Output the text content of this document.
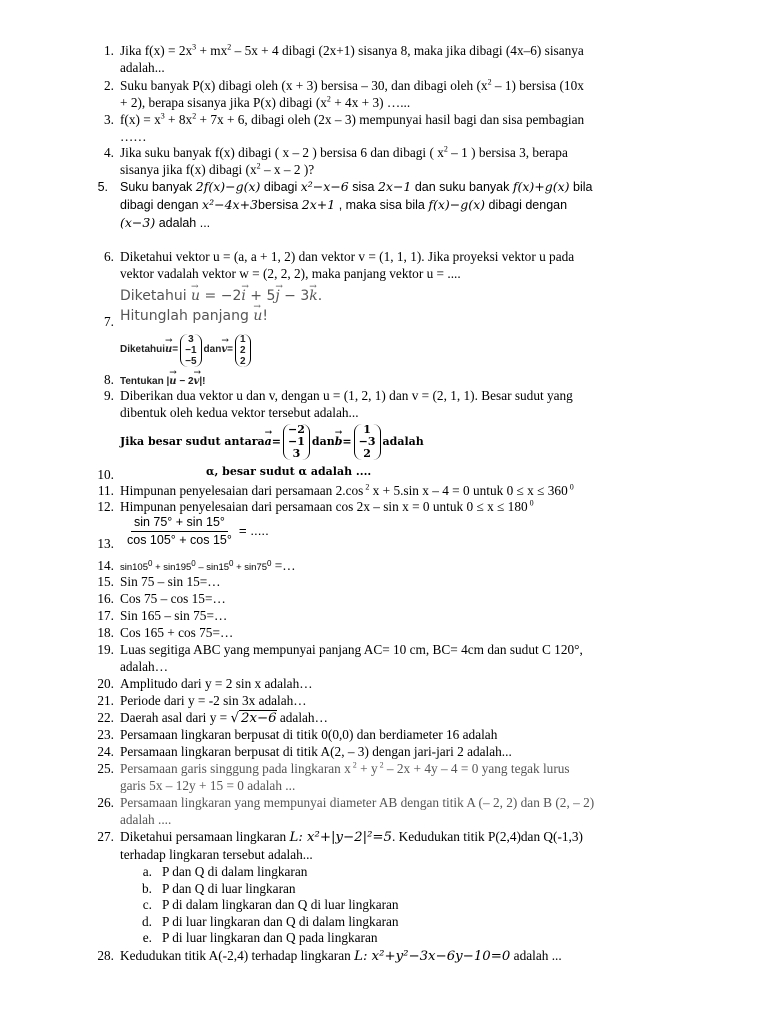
1. Jika $f(x) = 2x^3 + mx^2 - 5x + 4$ dibagi (2x+1) sisanya 8, maka jika dibagi (4x–6) sisanya
adalah...
2. Suku banyak P(x) dibagi oleh (x + 3) bersisa – 30, dan dibagi oleh $(x^2 - 1)$ bersisa (10x
+ 2), berapa sisanya jika P(x) dibagi $(x^2 + 4x + 3)$ …...
3. $f(x) = x^3 + 8x^2 + 7x + 6$, dibagi oleh (2x – 3) mempunyai hasil bagi dan sisa pembagian
……
4. Jika suku banyak f(x) dibagi ( x – 2 ) bersisa 6 dan dibagi ( $x^2 - 1$ ) bersisa 3, berapa
sisanya jika f(x) dibagi ($x^2$ – x – 2 )?
5. Suku banyak 2f(x)−g(x) dibagi x²−x−6 sisa 2x−1 dan suku banyak f(x)+g(x) bila
dibagi dengan x²−4x+3bersisa 2x+1 , maka sisa bila f(x)−g(x) dibagi dengan
(x−3) adalah ...
6. Diketahui vektor u = (a, a + 1, 2) dan vektor v = (1, 1, 1). Jika proyeksi vektor u pada
vektor vadalah vektor w = (2, 2, 2), maka panjang vektor u = ....
Diketahui → u = −2→ i + 5→ j − 3→ k.
Hitunglah panjang → u!
7.
Diketahui → u =
3
−1
−5
dan → v =
1
2
2
Tentukan |→ u − 2→ v|!
8.
9. Diberikan dua vektor u dan v, dengan u = (1, 2, 1) dan v = (2, 1, 1). Besar sudut yang
dibentuk oleh kedua vektor tersebut adalah...
Jika besar sudut antara → a =
−2
−1
3
dan → b =
1
−3
2
adalah
α, besar sudut α adalah ....
10.
11. Himpunan penyelesaian dari persamaan 2.cos $^2$ x + 5.sin x – 4 = 0 untuk 0 ≤ x ≤ 360 $^0$
12. Himpunan penyelesaian dari persamaan cos 2x – sin x = 0 untuk 0 ≤ x ≤ 180 $^0$
13. $\frac{\sin 75^\circ + \sin 15^\circ}{\cos 105^\circ + \cos 15^\circ}$ = .....
14. $\sin 105^0 + \sin 195^0 - \sin 15^0 + \sin 75^0$ =…
15. Sin 75 – sin 15=…
16. Cos 75 – cos 15=…
17. Sin 165 – sin 75=…
18. Cos 165 + cos 75=…
19. Luas segitiga ABC yang mempunyai panjang AC= 10 cm, BC= 4cm dan sudut C 120°,
adalah…
20. Amplitudo dari y = 2 sin x adalah…
21. Periode dari y = -2 sin 3x adalah…
22. Daerah asal dari y = √ 2x−6 adalah…
23. Persamaan lingkaran berpusat di titik 0(0,0) dan berdiameter 16 adalah
24. Persamaan lingkaran berpusat di titik A(2, – 3) dengan jari-jari 2 adalah...
25. Persamaan garis singgung pada lingkaran x $^2$ + y $^2$ – 2x + 4y – 4 = 0 yang tegak lurus
garis 5x – 12y + 15 = 0 adalah ...
26. Persamaan lingkaran yang mempunyai diameter AB dengan titik A (– 2, 2) dan B (2, – 2)
adalah ....
27. Diketahui persamaan lingkaran L: x²+|y−2|²=5. Kedudukan titik P(2,4)dan Q(-1,3)
terhadap lingkaran tersebut adalah...
a. P dan Q di dalam lingkaran
b. P dan Q di luar lingkaran
c. P di dalam lingkaran dan Q di luar lingkaran
d. P di luar lingkaran dan Q di dalam lingkaran
e. P di luar lingkaran dan Q pada lingkaran
28. Kedudukan titik A(-2,4) terhadap lingkaran L: x²+y²−3x−6y−10=0 adalah ...
